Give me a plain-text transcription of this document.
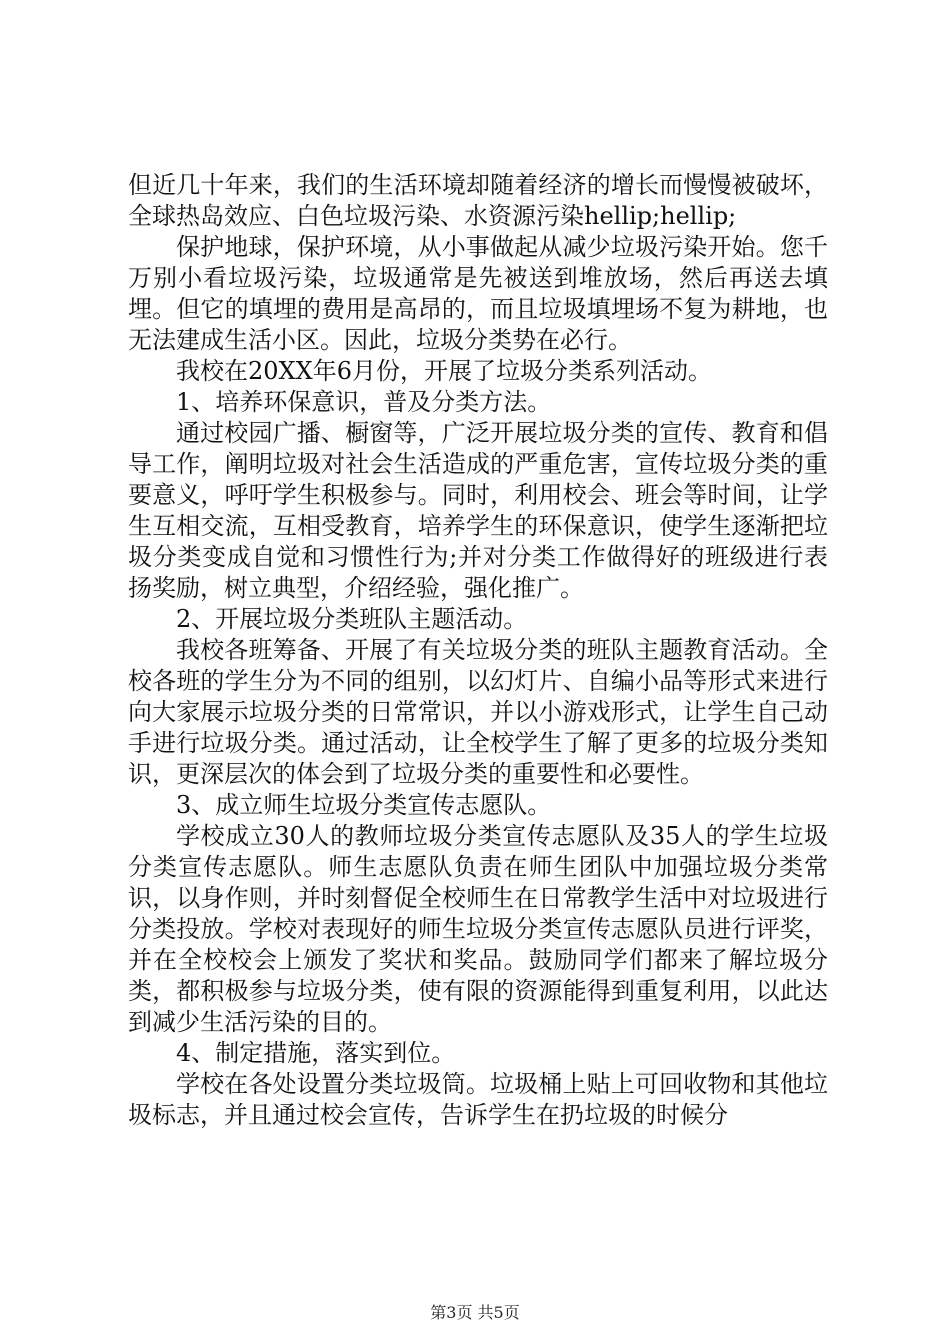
但近几十年来，我们的生活环境却随着经济的增长而慢慢被破坏，全球热岛效应、白色垃圾污染、水资源污染hellip;hellip;

保护地球，保护环境，从小事做起从减少垃圾污染开始。您千万别小看垃圾污染，垃圾通常是先被送到堆放场，然后再送去填埋。但它的填埋的费用是高昂的，而且垃圾填埋场不复为耕地，也无法建成生活小区。因此，垃圾分类势在必行。

我校在20XX年6月份，开展了垃圾分类系列活动。

1、培养环保意识，普及分类方法。

通过校园广播、橱窗等，广泛开展垃圾分类的宣传、教育和倡导工作，阐明垃圾对社会生活造成的严重危害，宣传垃圾分类的重要意义，呼吁学生积极参与。同时，利用校会、班会等时间，让学生互相交流，互相受教育，培养学生的环保意识，使学生逐渐把垃圾分类变成自觉和习惯性行为;并对分类工作做得好的班级进行表扬奖励，树立典型，介绍经验，强化推广。

2、开展垃圾分类班队主题活动。

我校各班筹备、开展了有关垃圾分类的班队主题教育活动。全校各班的学生分为不同的组别，以幻灯片、自编小品等形式来进行向大家展示垃圾分类的日常常识，并以小游戏形式，让学生自己动手进行垃圾分类。通过活动，让全校学生了解了更多的垃圾分类知识，更深层次的体会到了垃圾分类的重要性和必要性。

3、成立师生垃圾分类宣传志愿队。

学校成立30人的教师垃圾分类宣传志愿队及35人的学生垃圾分类宣传志愿队。师生志愿队负责在师生团队中加强垃圾分类常识，以身作则，并时刻督促全校师生在日常教学生活中对垃圾进行分类投放。学校对表现好的师生垃圾分类宣传志愿队员进行评奖，并在全校校会上颁发了奖状和奖品。鼓励同学们都来了解垃圾分类，都积极参与垃圾分类，使有限的资源能得到重复利用，以此达到减少生活污染的目的。

4、制定措施，落实到位。

学校在各处设置分类垃圾筒。垃圾桶上贴上可回收物和其他垃圾标志，并且通过校会宣传，告诉学生在扔垃圾的时候分

第3页 共5页
